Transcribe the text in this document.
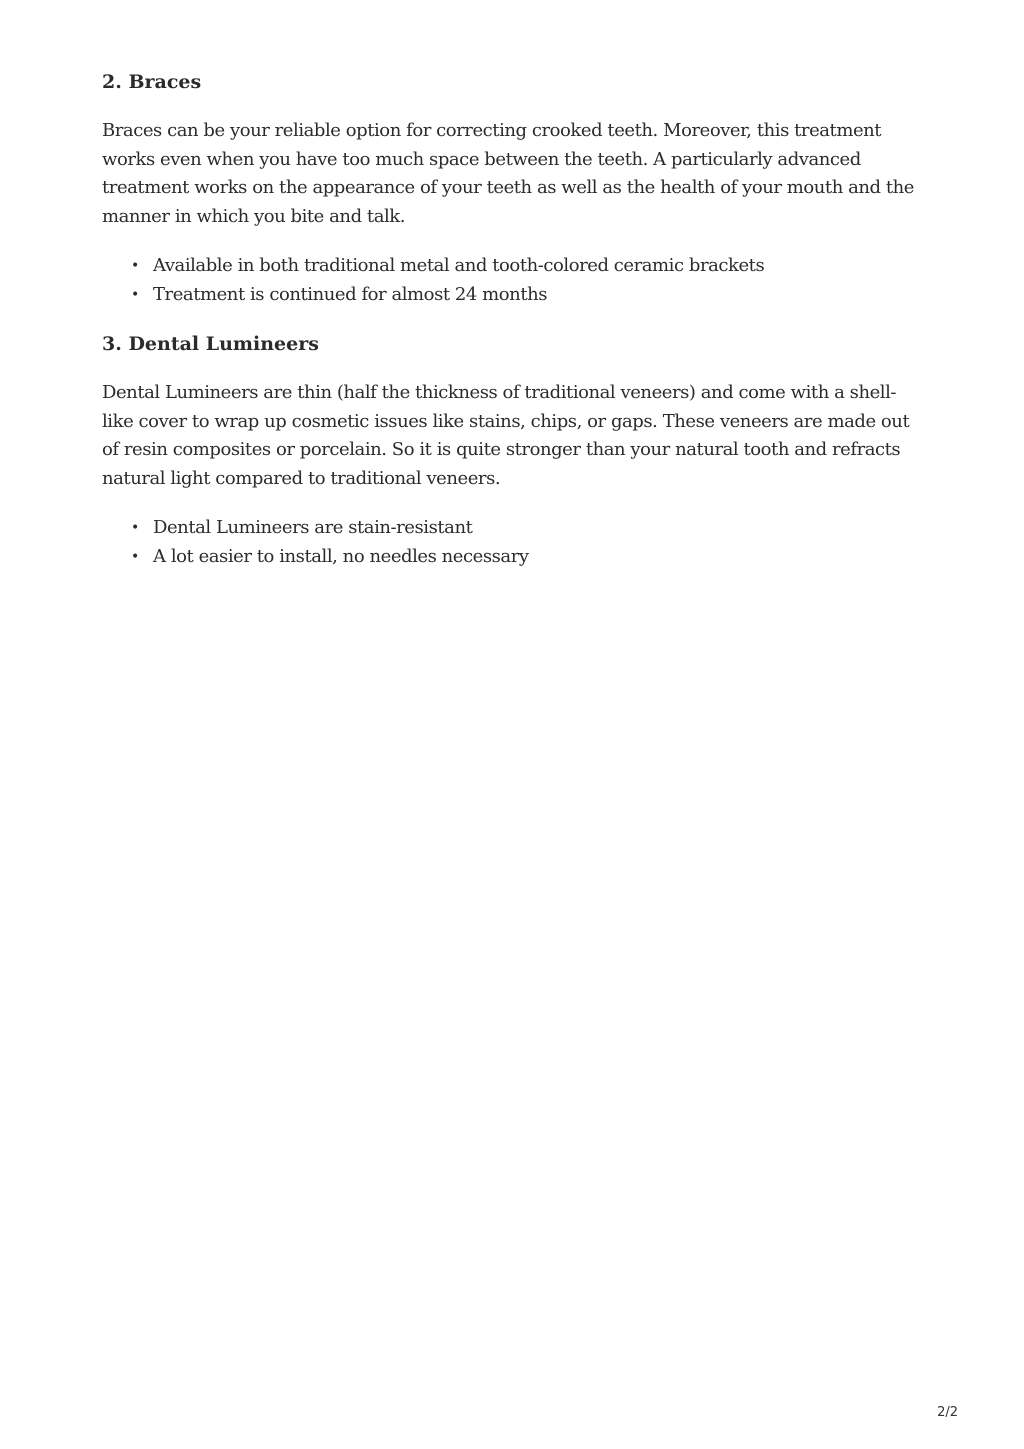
2. Braces

Braces can be your reliable option for correcting crooked teeth. Moreover, this treatment works even when you have too much space between the teeth. A particularly advanced treatment works on the appearance of your teeth as well as the health of your mouth and the manner in which you bite and talk.

• Available in both traditional metal and tooth-colored ceramic brackets
• Treatment is continued for almost 24 months
3. Dental Lumineers

Dental Lumineers are thin (half the thickness of traditional veneers) and come with a shell-like cover to wrap up cosmetic issues like stains, chips, or gaps. These veneers are made out of resin composites or porcelain. So it is quite stronger than your natural tooth and refracts natural light compared to traditional veneers.

• Dental Lumineers are stain-resistant
• A lot easier to install, no needles necessary
2/2
